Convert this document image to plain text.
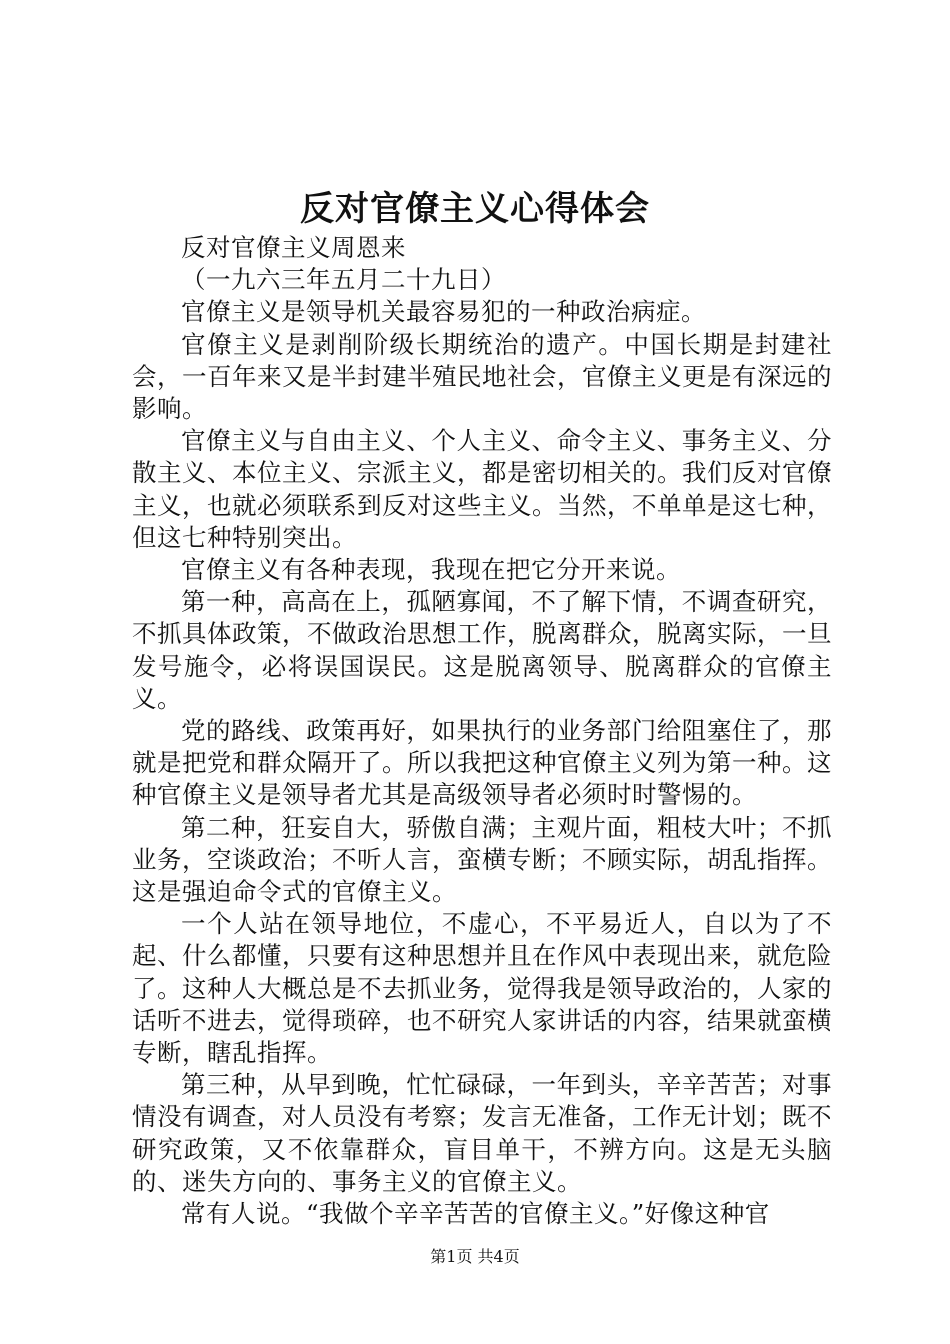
反对官僚主义心得体会

反对官僚主义周恩来

（一九六三年五月二十九日）

官僚主义是领导机关最容易犯的一种政治病症。

官僚主义是剥削阶级长期统治的遗产。中国长期是封建社会，一百年来又是半封建半殖民地社会，官僚主义更是有深远的影响。

官僚主义与自由主义、个人主义、命令主义、事务主义、分散主义、本位主义、宗派主义，都是密切相关的。我们反对官僚主义，也就必须联系到反对这些主义。当然，不单单是这七种，但这七种特别突出。

官僚主义有各种表现，我现在把它分开来说。

第一种，高高在上，孤陋寡闻，不了解下情，不调查研究，不抓具体政策，不做政治思想工作，脱离群众，脱离实际，一旦发号施令，必将误国误民。这是脱离领导、脱离群众的官僚主义。

党的路线、政策再好，如果执行的业务部门给阻塞住了，那就是把党和群众隔开了。所以我把这种官僚主义列为第一种。这种官僚主义是领导者尤其是高级领导者必须时时警惕的。

第二种，狂妄自大，骄傲自满；主观片面，粗枝大叶；不抓业务，空谈政治；不听人言，蛮横专断；不顾实际，胡乱指挥。这是强迫命令式的官僚主义。

一个人站在领导地位，不虚心，不平易近人，自以为了不起、什么都懂，只要有这种思想并且在作风中表现出来，就危险了。这种人大概总是不去抓业务，觉得我是领导政治的，人家的话听不进去，觉得琐碎，也不研究人家讲话的内容，结果就蛮横专断，瞎乱指挥。

第三种，从早到晚，忙忙碌碌，一年到头，辛辛苦苦；对事情没有调查，对人员没有考察；发言无准备，工作无计划；既不研究政策，又不依靠群众，盲目单干，不辨方向。这是无头脑的、迷失方向的、事务主义的官僚主义。

常有人说。“我做个辛辛苦苦的官僚主义。”好像这种官

第1页 共4页
